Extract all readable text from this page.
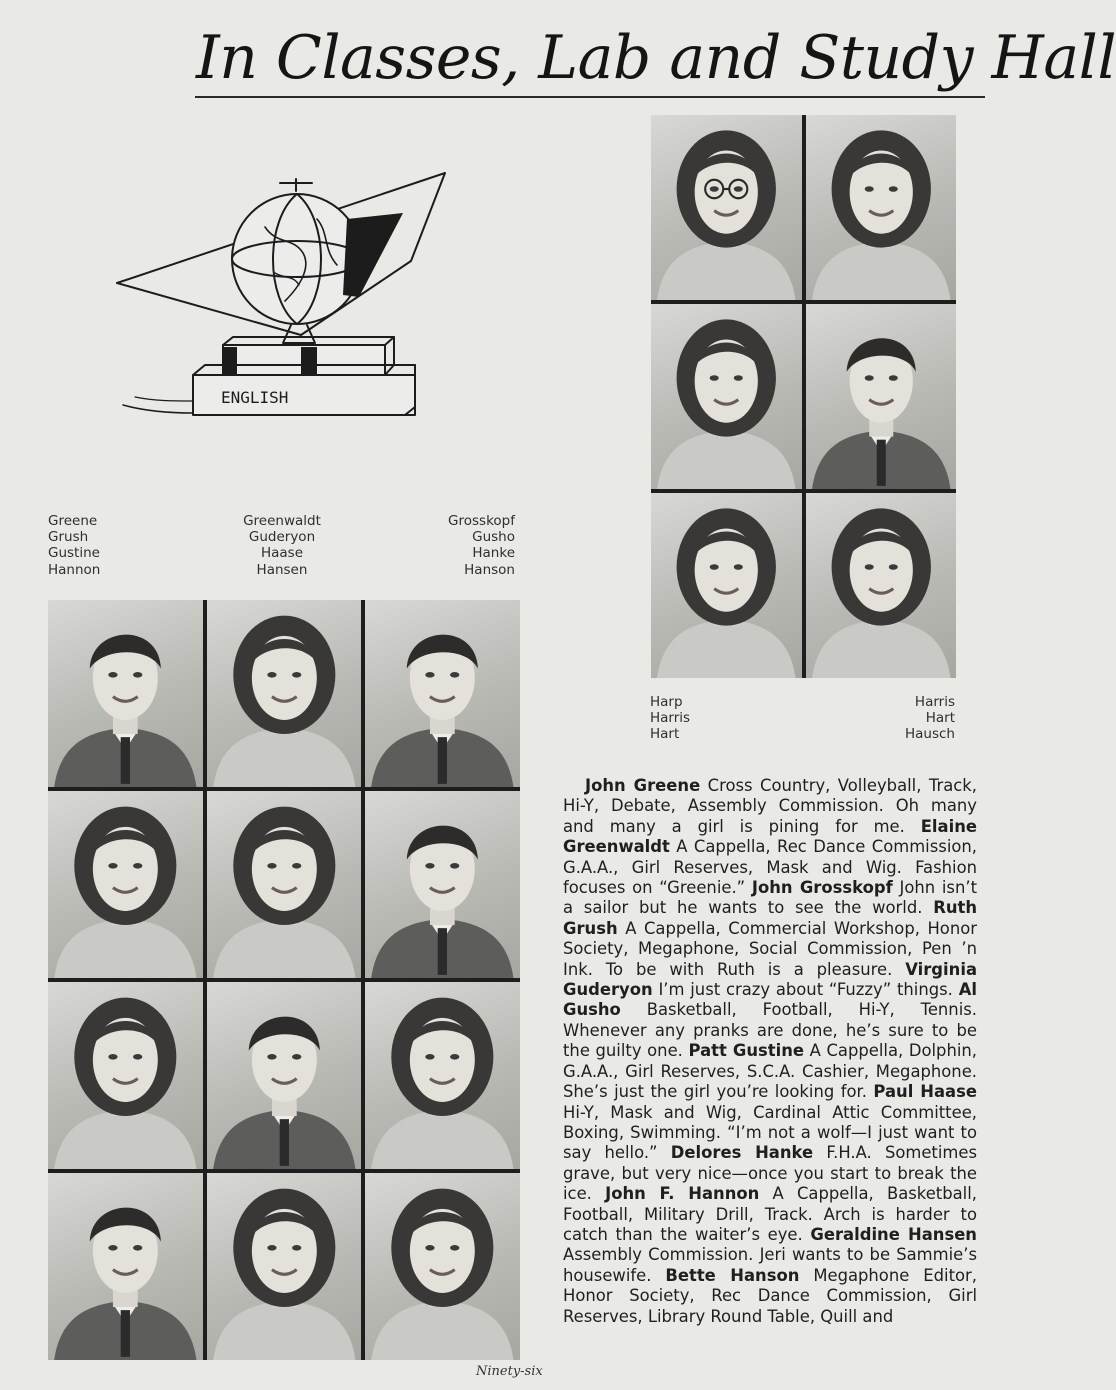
In Classes, Lab and Study Hall
ENGLISH
Greene
Grush
Gustine
Hannon
Greenwaldt
Guderyon
Haase
Hansen
Grosskopf
Gusho
Hanke
Hanson
Harp
Harris
Hart
Harris
Hart
Hausch
John Greene Cross Country, Volleyball, Track, Hi-Y, Debate, Assembly Commission. Oh many and many a girl is pining for me. Elaine Greenwaldt A Cappella, Rec Dance Commission, G.A.A., Girl Reserves, Mask and Wig. Fashion focuses on “Greenie.” John Grosskopf John isn’t a sailor but he wants to see the world. Ruth Grush A Cappella, Commercial Workshop, Honor Society, Megaphone, Social Commission, Pen ’n Ink. To be with Ruth is a pleasure. Virginia Guderyon I’m just crazy about “Fuzzy” things. Al Gusho Basketball, Football, Hi-Y, Tennis. Whenever any pranks are done, he’s sure to be the guilty one. Patt Gustine A Cappella, Dolphin, G.A.A., Girl Reserves, S.C.A. Cashier, Megaphone. She’s just the girl you’re looking for. Paul Haase Hi-Y, Mask and Wig, Cardinal Attic Committee, Boxing, Swimming. “I’m not a wolf—I just want to say hello.” Delores Hanke F.H.A. Sometimes grave, but very nice—once you start to break the ice. John F. Hannon A Cappella, Basketball, Football, Military Drill, Track. Arch is harder to catch than the waiter’s eye. Geraldine Hansen Assembly Commission. Jeri wants to be Sammie’s housewife. Bette Hanson Megaphone Editor, Honor Society, Rec Dance Commission, Girl Reserves, Library Round Table, Quill and
Ninety-six
